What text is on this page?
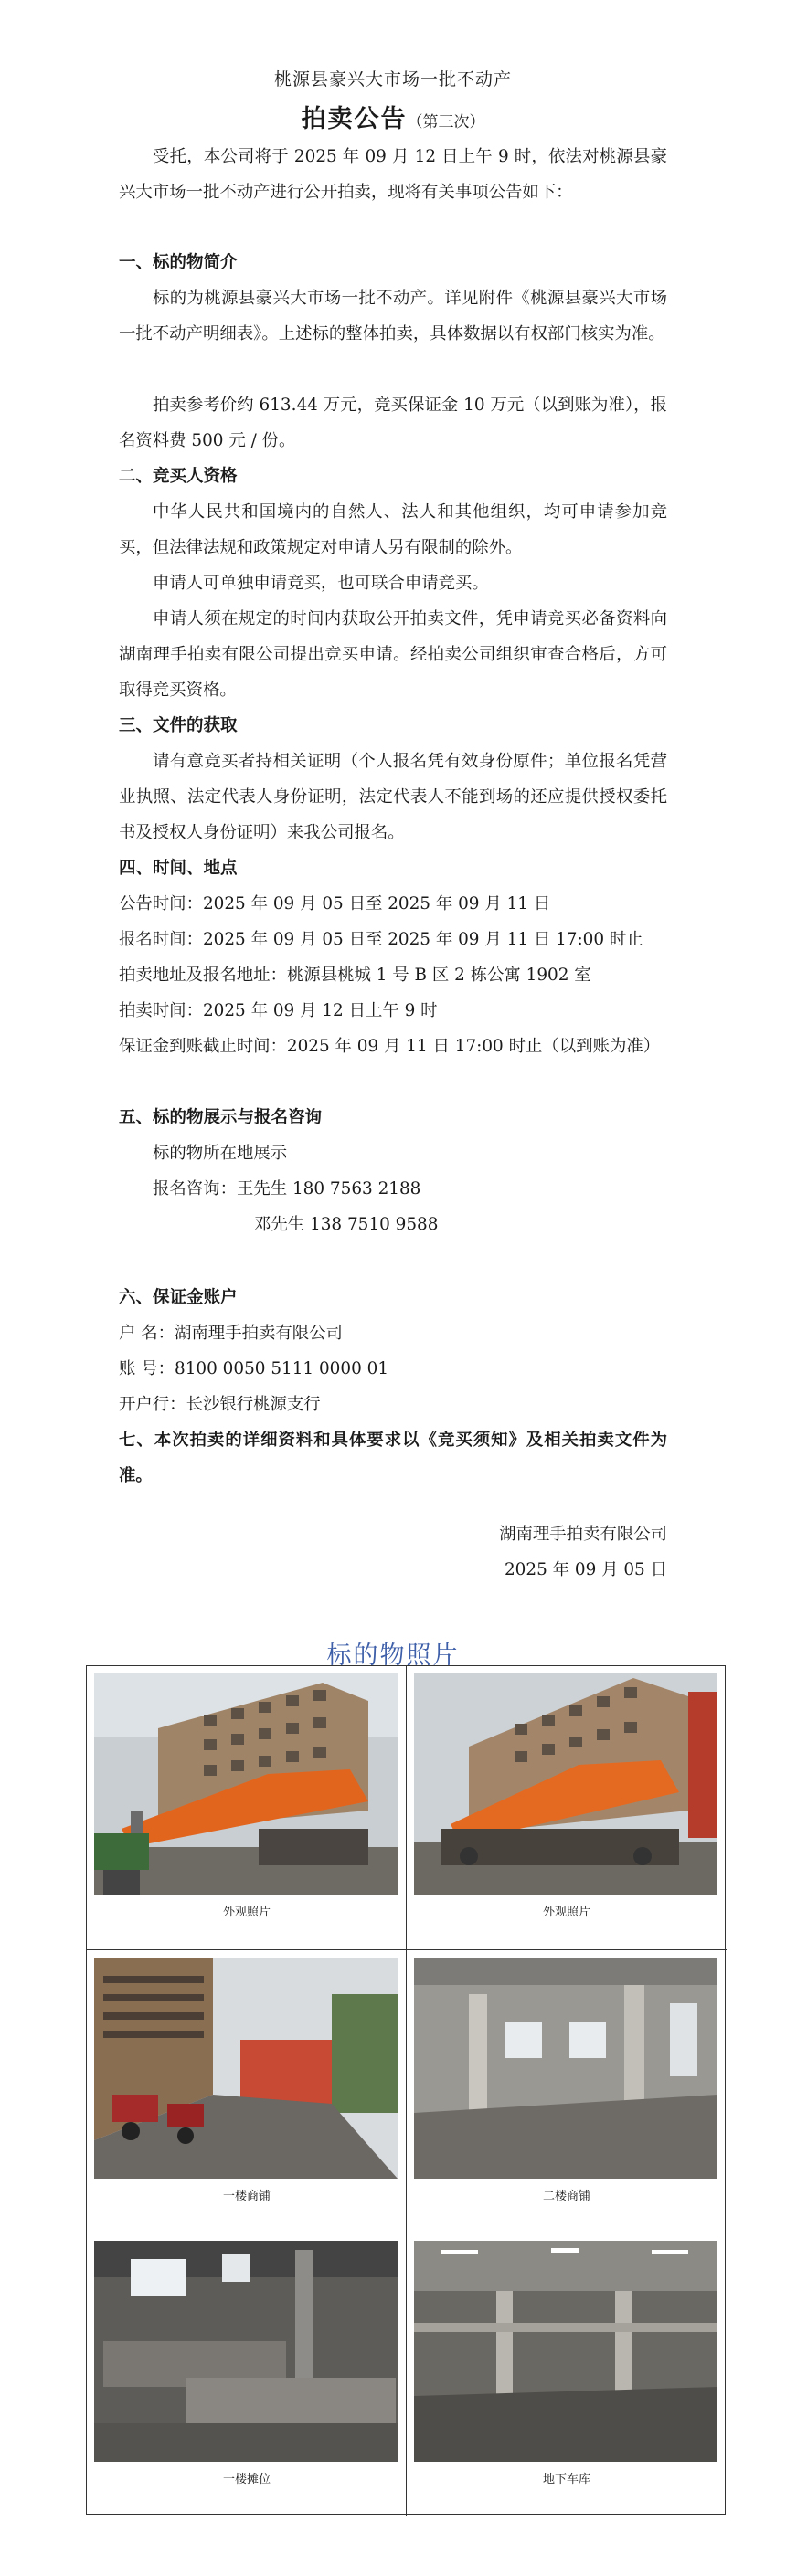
桃源县豪兴大市场一批不动产
拍卖公告（第三次）
受托，本公司将于 2025 年 09 月 12 日上午 9 时，依法对桃源县豪兴大市场一批不动产进行公开拍卖，现将有关事项公告如下：
一、标的物简介
标的为桃源县豪兴大市场一批不动产。详见附件《桃源县豪兴大市场一批不动产明细表》。上述标的整体拍卖，具体数据以有权部门核实为准。
拍卖参考价约 613.44 万元，竞买保证金 10 万元（以到账为准），报名资料费 500 元 / 份。
二、竞买人资格
中华人民共和国境内的自然人、法人和其他组织，均可申请参加竞买，但法律法规和政策规定对申请人另有限制的除外。
申请人可单独申请竞买，也可联合申请竞买。
申请人须在规定的时间内获取公开拍卖文件，凭申请竞买必备资料向湖南理手拍卖有限公司提出竞买申请。经拍卖公司组织审查合格后，方可取得竞买资格。
三、文件的获取
请有意竞买者持相关证明（个人报名凭有效身份原件；单位报名凭营业执照、法定代表人身份证明，法定代表人不能到场的还应提供授权委托书及授权人身份证明）来我公司报名。
四、时间、地点
公告时间：2025 年 09 月 05 日至 2025 年 09 月 11 日
报名时间：2025 年 09 月 05 日至 2025 年 09 月 11 日 17:00 时止
拍卖地址及报名地址：桃源县桃城 1 号 B 区 2 栋公寓 1902 室
拍卖时间：2025 年 09 月 12 日上午 9 时
保证金到账截止时间：2025 年 09 月 11 日 17:00 时止（以到账为准）
五、标的物展示与报名咨询
标的物所在地展示
报名咨询：王先生 180 7563 2188
邓先生 138 7510 9588
六、保证金账户
户 名：湖南理手拍卖有限公司
账 号：8100 0050 5111 0000 01
开户行：长沙银行桃源支行
七、本次拍卖的详细资料和具体要求以《竞买须知》及相关拍卖文件为准。
湖南理手拍卖有限公司
2025 年 09 月 05 日
标的物照片
外观照片	外观照片
一楼商铺	二楼商铺
一楼摊位	地下车库
